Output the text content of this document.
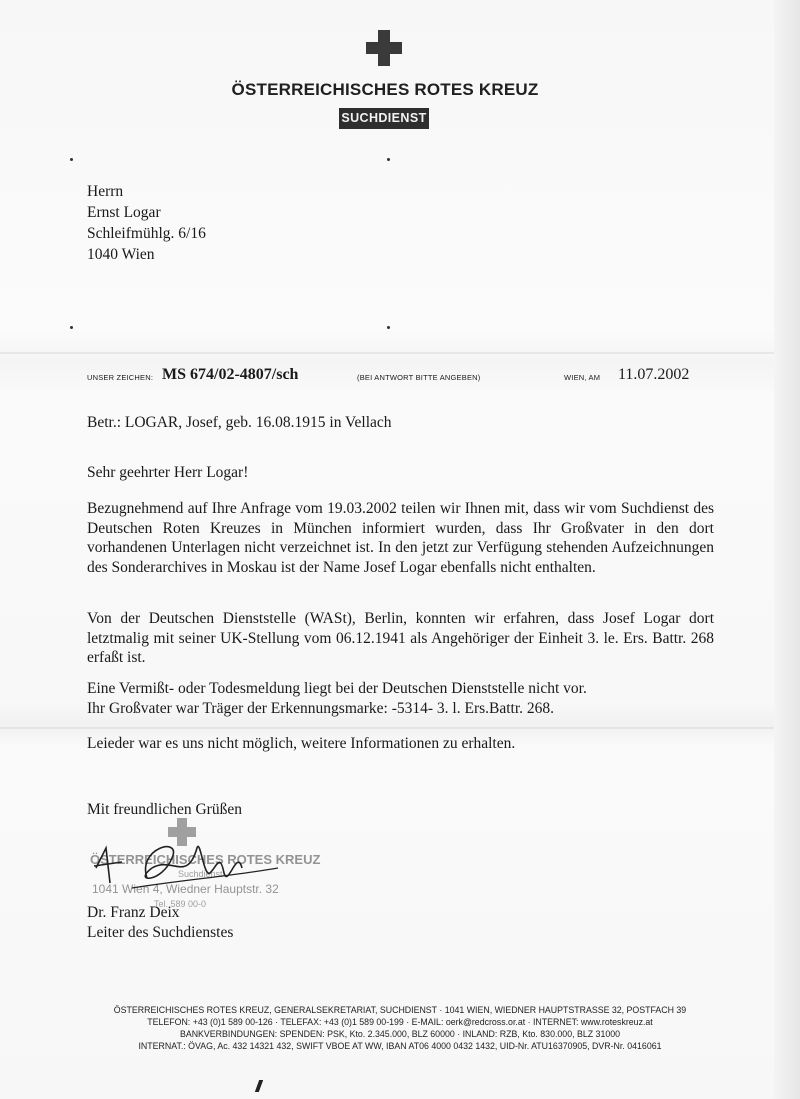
ÖSTERREICHISCHES ROTES KREUZ
SUCHDIENST
Herrn
Ernst Logar
Schleifmühlg. 6/16
1040 Wien
UNSER ZEICHEN: MS 674/02-4807/sch	(BEI ANTWORT BITTE ANGEBEN)	WIEN, AM 11.07.2002
Betr.: LOGAR, Josef, geb. 16.08.1915 in Vellach
Sehr geehrter Herr Logar!

Bezugnehmend auf Ihre Anfrage vom 19.03.2002 teilen wir Ihnen mit, dass wir vom Suchdienst des Deutschen Roten Kreuzes in München informiert wurden, dass Ihr Großvater in den dort vorhandenen Unterlagen nicht verzeichnet ist. In den jetzt zur Verfügung stehenden Aufzeichnungen des Sonderarchives in Moskau ist der Name Josef Logar ebenfalls nicht enthalten.

Von der Deutschen Dienststelle (WASt), Berlin, konnten wir erfahren, dass Josef Logar dort letztmalig mit seiner UK-Stellung vom 06.12.1941 als Angehöriger der Einheit 3. le. Ers. Battr. 268 erfaßt ist.

Eine Vermißt- oder Todesmeldung liegt bei der Deutschen Dienststelle nicht vor.
Ihr Großvater war Träger der Erkennungsmarke: -5314- 3. l. Ers.Battr. 268.

Leieder war es uns nicht möglich, weitere Informationen zu erhalten.

Mit freundlichen Grüßen
ÖSTERREICHISCHES ROTES KREUZ
Suchdienst
1041 Wien 4, Wiedner Hauptstr. 32
Tel. 589 00-0
Dr. Franz Deix
Leiter des Suchdienstes
ÖSTERREICHISCHES ROTES KREUZ, GENERALSEKRETARIAT, SUCHDIENST · 1041 WIEN, WIEDNER HAUPTSTRASSE 32, POSTFACH 39
TELEFON: +43 (0)1 589 00-126 · TELEFAX: +43 (0)1 589 00-199 · E-MAIL: oerk@redcross.or.at · INTERNET: www.roteskreuz.at
BANKVERBINDUNGEN: SPENDEN: PSK, Kto. 2.345.000, BLZ 60000 · INLAND: RZB, Kto. 830.000, BLZ 31000
INTERNAT.: ÖVAG, Ac. 432 14321 432, SWIFT VBOE AT WW, IBAN AT06 4000 0432 1432, UID-Nr. ATU16370905, DVR-Nr. 0416061
